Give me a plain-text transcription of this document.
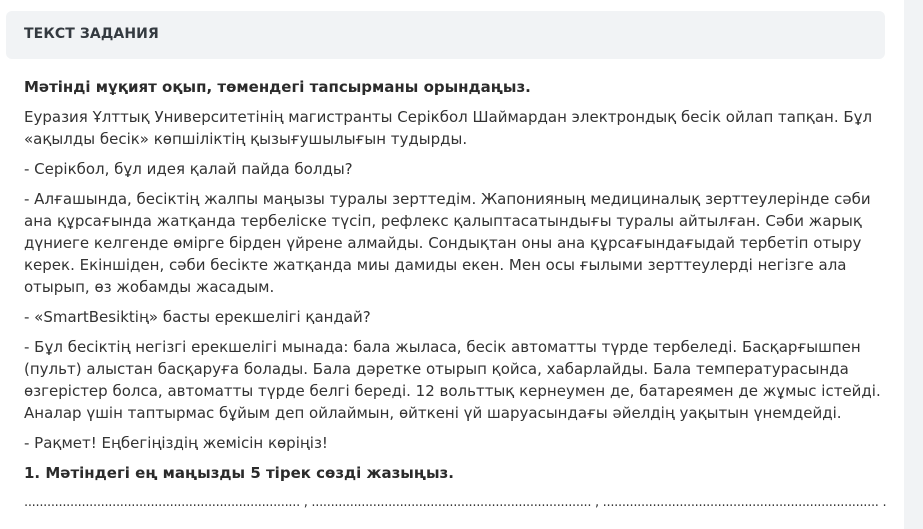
ТЕКСТ ЗАДАНИЯ

Мәтінді мұқият оқып, төмендегі тапсырманы орындаңыз.

Еуразия Ұлттық Университетінің магистранты Серікбол Шаймардан электрондық бесік ойлап тапқан. Бұл «ақылды бесік» көпшіліктің қызығушылығын тудырды.

- Серікбол, бұл идея қалай пайда болды?

- Алғашында, бесіктің жалпы маңызы туралы зерттедім. Жапонияның медициналық зерттеулерінде сәби ана құрсағында жатқанда тербеліске түсіп, рефлекс қалыптасатындығы туралы айтылған. Сәби жарық дүниеге келгенде өмірге бірден үйрене алмайды. Сондықтан оны ана құрсағындағыдай тербетіп отыру керек. Екіншіден, сәби бесікте жатқанда миы дамиды екен. Мен осы ғылыми зерттеулерді негізге ала отырып, өз жобамды жасадым.

- «SmartBesiktің» басты ерекшелігі қандай?

- Бұл бесіктің негізгі ерекшелігі мынада: бала жыласа, бесік автоматты түрде тербеледі. Басқарғышпен (пульт) алыстан басқаруға болады. Бала дәретке отырып қойса, хабарлайды. Бала температурасында өзгерістер болса, автоматты түрде белгі береді. 12 вольттық кернеумен де, батареямен де жұмыс істейді. Аналар үшін таптырмас бұйым деп ойлаймын, өйткені үй шаруасындағы әйелдің уақытын үнемдейді.

- Рақмет! Еңбегіңіздің жемісін көріңіз!

1. Мәтіндегі ең маңызды 5 тірек сөзді жазыңыз.

........................................................................ , ......................................................................... , ........................................................................ .
